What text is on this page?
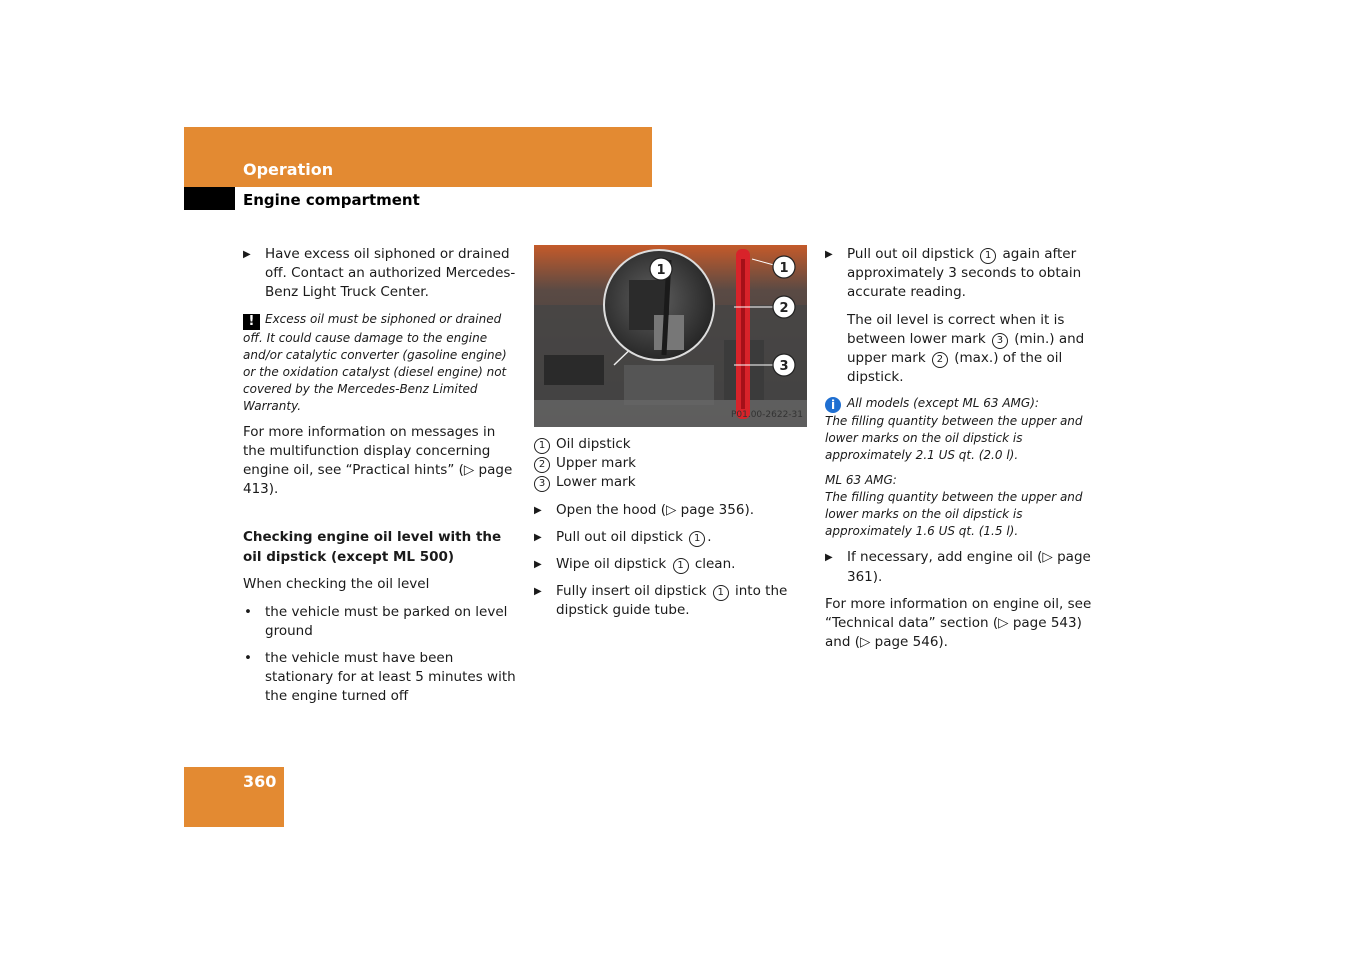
Operation
Engine compartment
▶ Have excess oil siphoned or drained off. Contact an authorized Mercedes-Benz Light Truck Center.
! Excess oil must be siphoned or drained off. It could cause damage to the engine and/or catalytic converter (gasoline engine) or the oxidation catalyst (diesel engine) not covered by the Mercedes-Benz Limited Warranty.
For more information on messages in the multifunction display concerning engine oil, see “Practical hints” (▷ page 413).
Checking engine oil level with the oil dipstick (except ML 500)
When checking the oil level
• the vehicle must be parked on level ground
• the vehicle must have been stationary for at least 5 minutes with the engine turned off
1	1
2
3
P01.00-2622-31
1 Oil dipstick
2 Upper mark
3 Lower mark
▶ Open the hood (▷ page 356).
▶ Pull out oil dipstick 1 .
▶ Wipe oil dipstick 1 clean.
▶ Fully insert oil dipstick 1 into the dipstick guide tube.
▶ Pull out oil dipstick 1 again after approximately 3 seconds to obtain accurate reading.
The oil level is correct when it is between lower mark 3 (min.) and upper mark 2 (max.) of the oil dipstick.
i All models (except ML 63 AMG):
The filling quantity between the upper and lower marks on the oil dipstick is approximately 2.1 US qt. (2.0 l).
ML 63 AMG:
The filling quantity between the upper and lower marks on the oil dipstick is approximately 1.6 US qt. (1.5 l).
▶ If necessary, add engine oil (▷ page 361).
For more information on engine oil, see “Technical data” section (▷ page 543) and (▷ page 546).
360
